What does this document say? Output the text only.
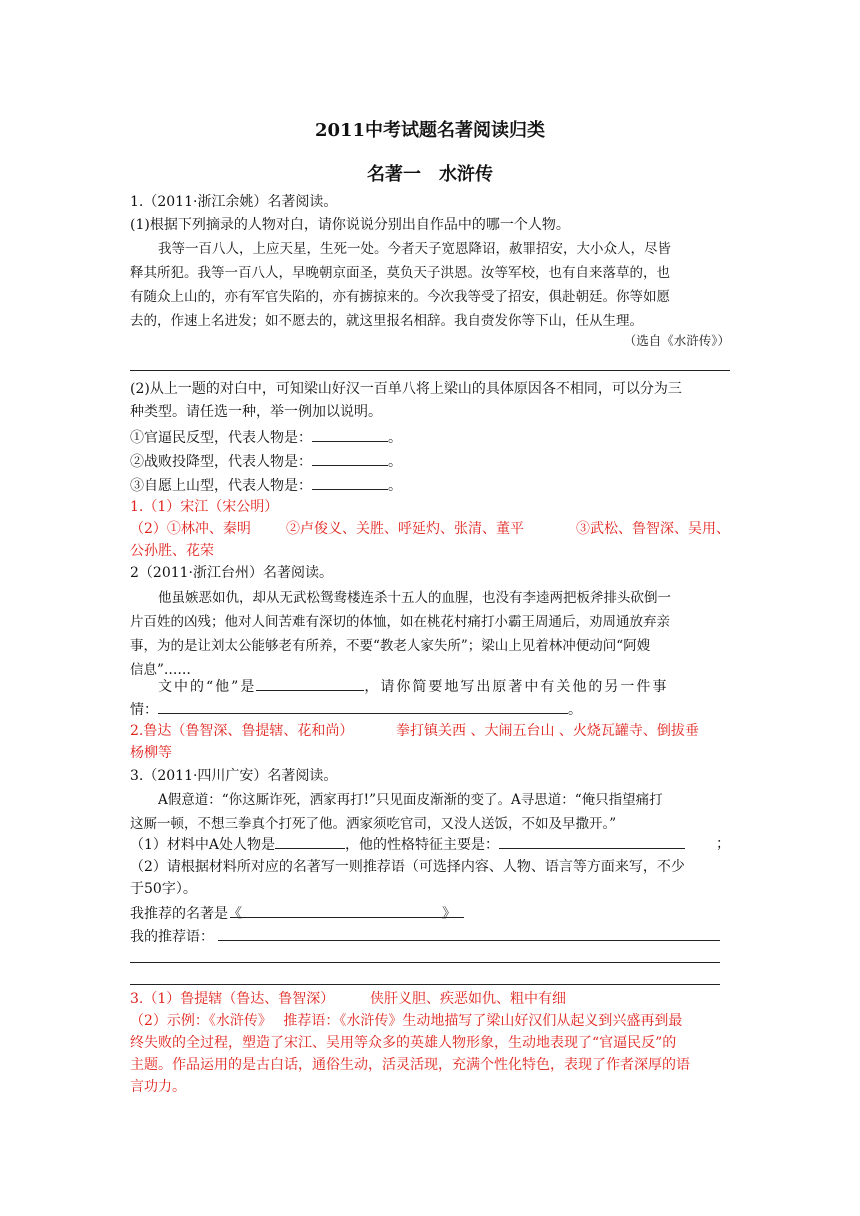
2011中考试题名著阅读归类
名著一　水浒传
1.（2011·浙江余姚）名著阅读。
(1)根据下列摘录的人物对白，请你说说分别出自作品中的哪一个人物。
我等一百八人，上应天星，生死一处。今者天子宽恩降诏，赦罪招安，大小众人，尽皆
释其所犯。我等一百八人，早晚朝京面圣，莫负天子洪恩。汝等军校，也有自来落草的，也
有随众上山的，亦有军官失陷的，亦有掳掠来的。今次我等受了招安，俱赴朝廷。你等如愿
去的，作速上名进发；如不愿去的，就这里报名相辞。我自赍发你等下山，任从生理。
（选自《水浒传》）
(2)从上一题的对白中，可知梁山好汉一百单八将上梁山的具体原因各不相同，可以分为三
种类型。请任选一种，举一例加以说明。
①官逼民反型，代表人物是：	。
②战败投降型，代表人物是：	。
③自愿上山型，代表人物是：	。
1.（1）宋江（宋公明）
（2）①林冲、秦明	②卢俊义、关胜、呼延灼、张清、董平	③武松、鲁智深、吴用、
公孙胜、花荣
2（2011·浙江台州）名著阅读。
他虽嫉恶如仇，却从无武松鸳鸯楼连杀十五人的血腥，也没有李逵两把板斧排头砍倒一
片百姓的凶残；他对人间苦难有深切的体恤，如在桃花村痛打小霸王周通后，劝周通放弃亲
事，为的是让刘太公能够老有所养，不要“教老人家失所”；梁山上见着林冲便动问“阿嫂
信息”……
文中的“他”是	，请你简要地写出原著中有关他的另一件事
情：	。
2.鲁达（鲁智深、鲁提辖、花和尚）	拳打镇关西 、大闹五台山 、火烧瓦罐寺、倒拔垂
杨柳等
3.（2011·四川广安）名著阅读。
A假意道：“你这厮诈死，洒家再打!”只见面皮渐渐的变了。A寻思道：“俺只指望痛打
这厮一顿，不想三拳真个打死了他。洒家须吃官司，又没人送饭，不如及早撒开。”
（1）材料中A处人物是	，他的性格特征主要是：	；
（2）请根据材料所对应的名著写一则推荐语（可选择内容、人物、语言等方面来写，不少
于50字）。
我推荐的名著是《	》
我的推荐语：
3.（1）鲁提辖（鲁达、鲁智深）	侠肝义胆、疾恶如仇、粗中有细
（2）示例：《水浒传》　 推荐语：《水浒传》生动地描写了梁山好汉们从起义到兴盛再到最
终失败的全过程，塑造了宋江、吴用等众多的英雄人物形象，生动地表现了“官逼民反”的
主题。作品运用的是古白话，通俗生动，活灵活现，充满个性化特色，表现了作者深厚的语
言功力。
